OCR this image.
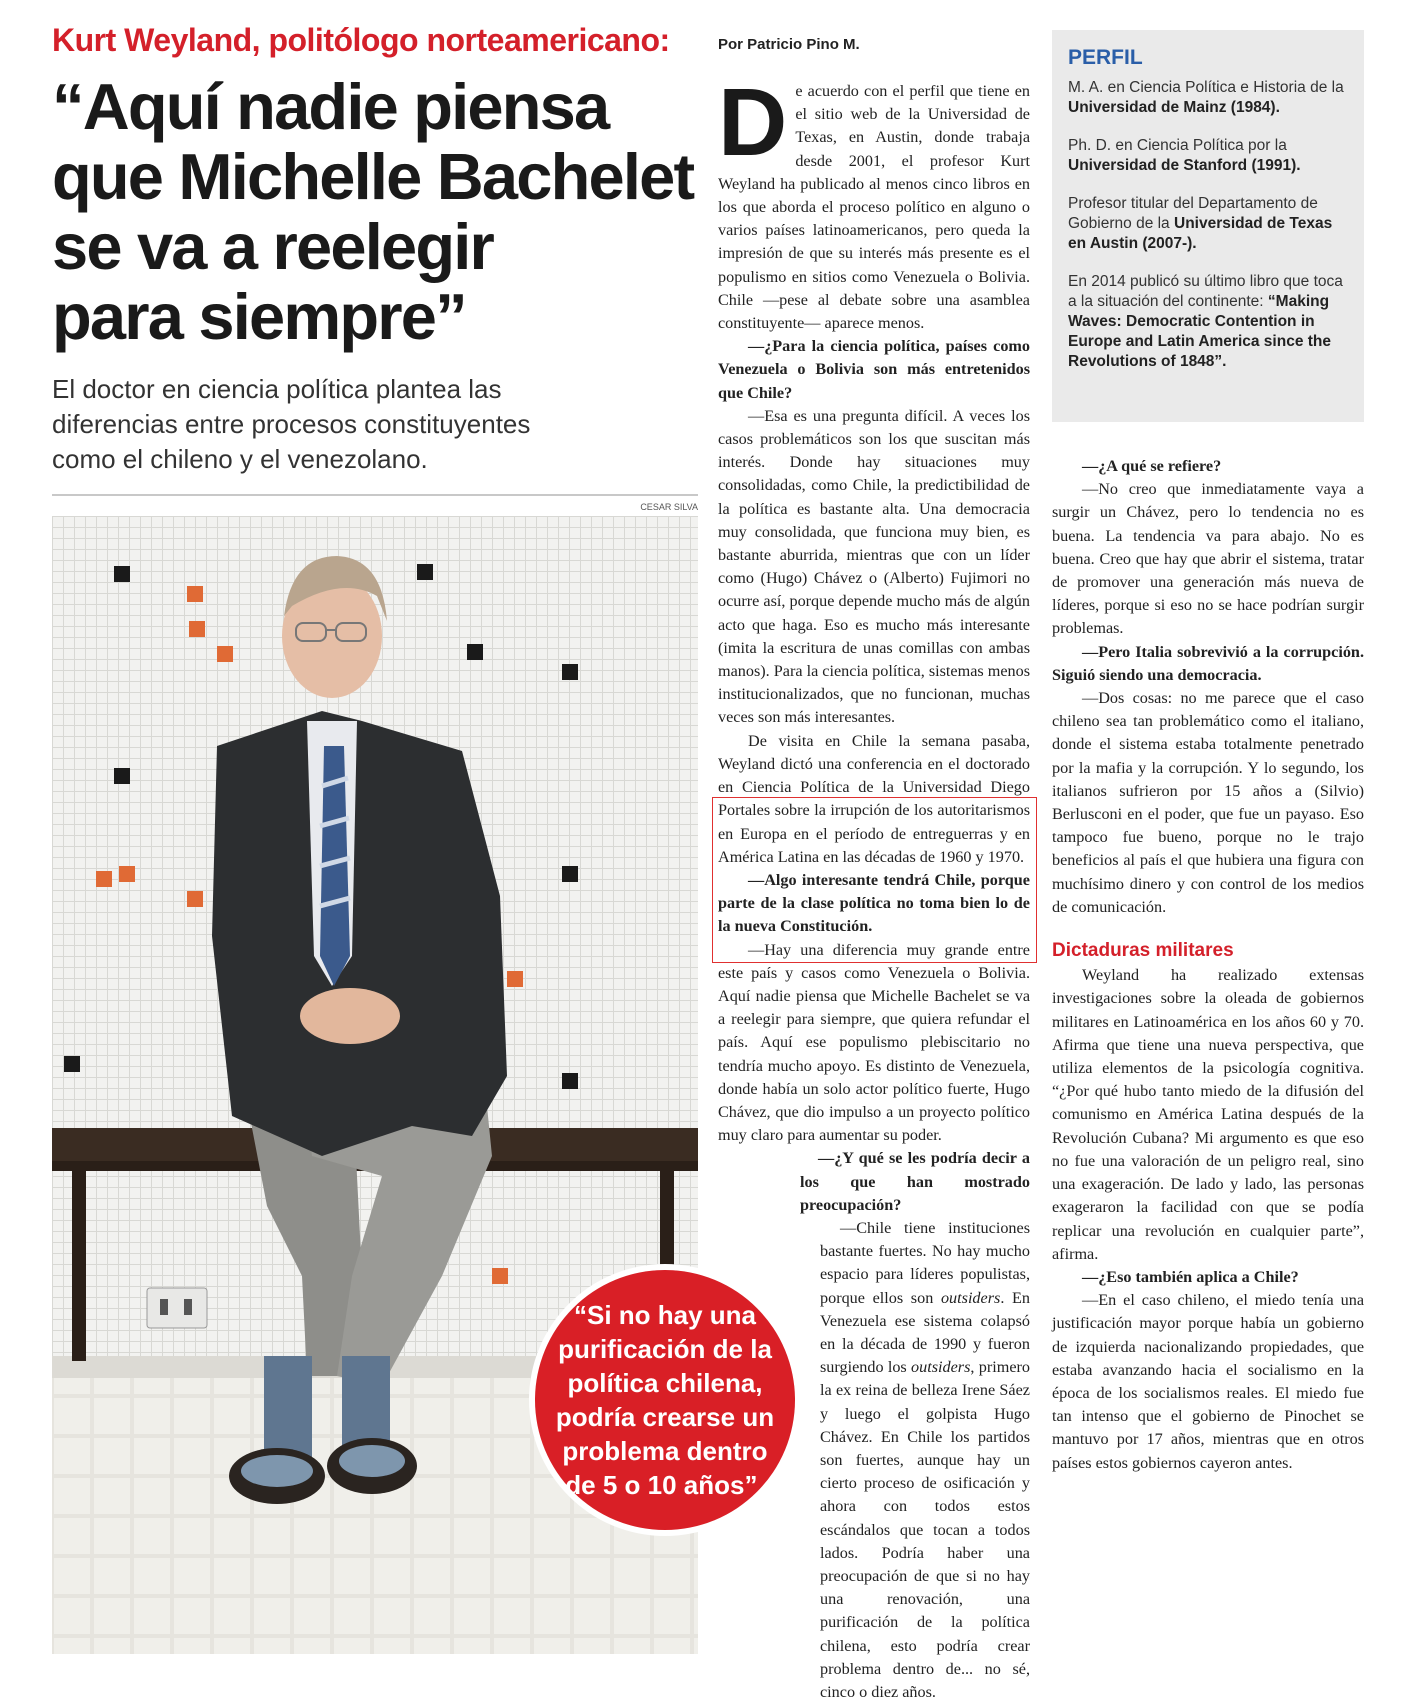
Kurt Weyland, politólogo norteamericano:
“Aquí nadie piensa
que Michelle Bachelet
se va a reelegir
para siempre”
El doctor en ciencia política plantea las
diferencias entre procesos constituyentes
como el chileno y el venezolano.
CESAR SILVA
Por Patricio Pino M.

De acuerdo con el perfil que tiene en el sitio web de la Universidad de Texas, en Austin, donde trabaja desde 2001, el profesor Kurt Weyland ha publicado al menos cinco libros en los que aborda el proceso político en alguno o varios países latinoamericanos, pero queda la impresión de que su interés más presente es el populismo en sitios como Venezuela o Bolivia. Chile —pese al debate sobre una asamblea constituyente— aparece menos.

—¿Para la ciencia política, países como Venezuela o Bolivia son más entretenidos que Chile?

—Esa es una pregunta difícil. A veces los casos problemáticos son los que suscitan más interés. Donde hay situaciones muy consolidadas, como Chile, la predictibilidad de la política es bastante alta. Una democracia muy consolidada, que funciona muy bien, es bastante aburrida, mientras que con un líder como (Hugo) Chávez o (Alberto) Fujimori no ocurre así, porque depende mucho más de algún acto que haga. Eso es mucho más interesante (imita la escritura de unas comillas con ambas manos). Para la ciencia política, sistemas menos institucionalizados, que no funcionan, muchas veces son más interesantes.

De visita en Chile la semana pasaba, Weyland dictó una conferencia en el doctorado en Ciencia Política de la Universidad Diego Portales sobre la irrupción de los autoritarismos en Europa en el período de entreguerras y en América Latina en las décadas de 1960 y 1970.

—Algo interesante tendrá Chile, porque parte de la clase política no toma bien lo de la nueva Constitución.

—Hay una diferencia muy grande entre este país y casos como Venezuela o Bolivia. Aquí nadie piensa que Michelle Bachelet se va a reelegir para siempre, que quiera refundar el país. Aquí ese populismo plebiscitario no tendría mucho apoyo. Es distinto de Venezuela, donde había un solo actor político fuerte, Hugo Chávez, que dio impulso a un proyecto político muy claro para aumentar su poder.

—¿Y qué se les podría decir a los que han mostrado preocupación?

—Chile tiene instituciones bastante fuertes. No hay mucho espacio para líderes populistas, porque ellos son outsiders. En Venezuela ese sistema colapsó en la década de 1990 y fueron surgiendo los outsiders, primero la ex reina de belleza Irene Sáez y luego el golpista Hugo Chávez. En Chile los partidos son fuertes, aunque hay un cierto proceso de osificación y ahora con todos estos escándalos que tocan a todos lados. Podría haber una preocupación de que si no hay una renovación, una purificación de la política chilena, esto podría crear problema dentro de... no sé, cinco o diez años.

PERFIL
M. A. en Ciencia Política e Historia de la Universidad de Mainz (1984).
Ph. D. en Ciencia Política por la Universidad de Stanford (1991).
Profesor titular del Departamento de Gobierno de la Universidad de Texas en Austin (2007-).
En 2014 publicó su último libro que toca a la situación del continente: “Making Waves: Democratic Contention in Europe and Latin America since the Revolutions of 1848”.

—¿A qué se refiere?

—No creo que inmediatamente vaya a surgir un Chávez, pero lo tendencia no es buena. La tendencia va para abajo. No es buena. Creo que hay que abrir el sistema, tratar de promover una generación más nueva de líderes, porque si eso no se hace podrían surgir problemas.

—Pero Italia sobrevivió a la corrupción. Siguió siendo una democracia.

—Dos cosas: no me parece que el caso chileno sea tan problemático como el italiano, donde el sistema estaba totalmente penetrado por la mafia y la corrupción. Y lo segundo, los italianos sufrieron por 15 años a (Silvio) Berlusconi en el poder, que fue un payaso. Eso tampoco fue bueno, porque no le trajo beneficios al país el que hubiera una figura con muchísimo dinero y con control de los medios de comunicación.

Dictaduras militares

Weyland ha realizado extensas investigaciones sobre la oleada de gobiernos militares en Latinoamérica en los años 60 y 70. Afirma que tiene una nueva perspectiva, que utiliza elementos de la psicología cognitiva. “¿Por qué hubo tanto miedo de la difusión del comunismo en América Latina después de la Revolución Cubana? Mi argumento es que eso no fue una valoración de un peligro real, sino una exageración. De lado y lado, las personas exageraron la facilidad con que se podía replicar una revolución en cualquier parte”, afirma.

—¿Eso también aplica a Chile?

—En el caso chileno, el miedo tenía una justificación mayor porque había un gobierno de izquierda nacionalizando propiedades, que estaba avanzando hacia el socialismo en la época de los socialismos reales. El miedo fue tan intenso que el gobierno de Pinochet se mantuvo por 17 años, mientras que en otros países estos gobiernos cayeron antes.

“Si no hay una purificación de la política chilena, podría crearse un problema dentro de 5 o 10 años”.
